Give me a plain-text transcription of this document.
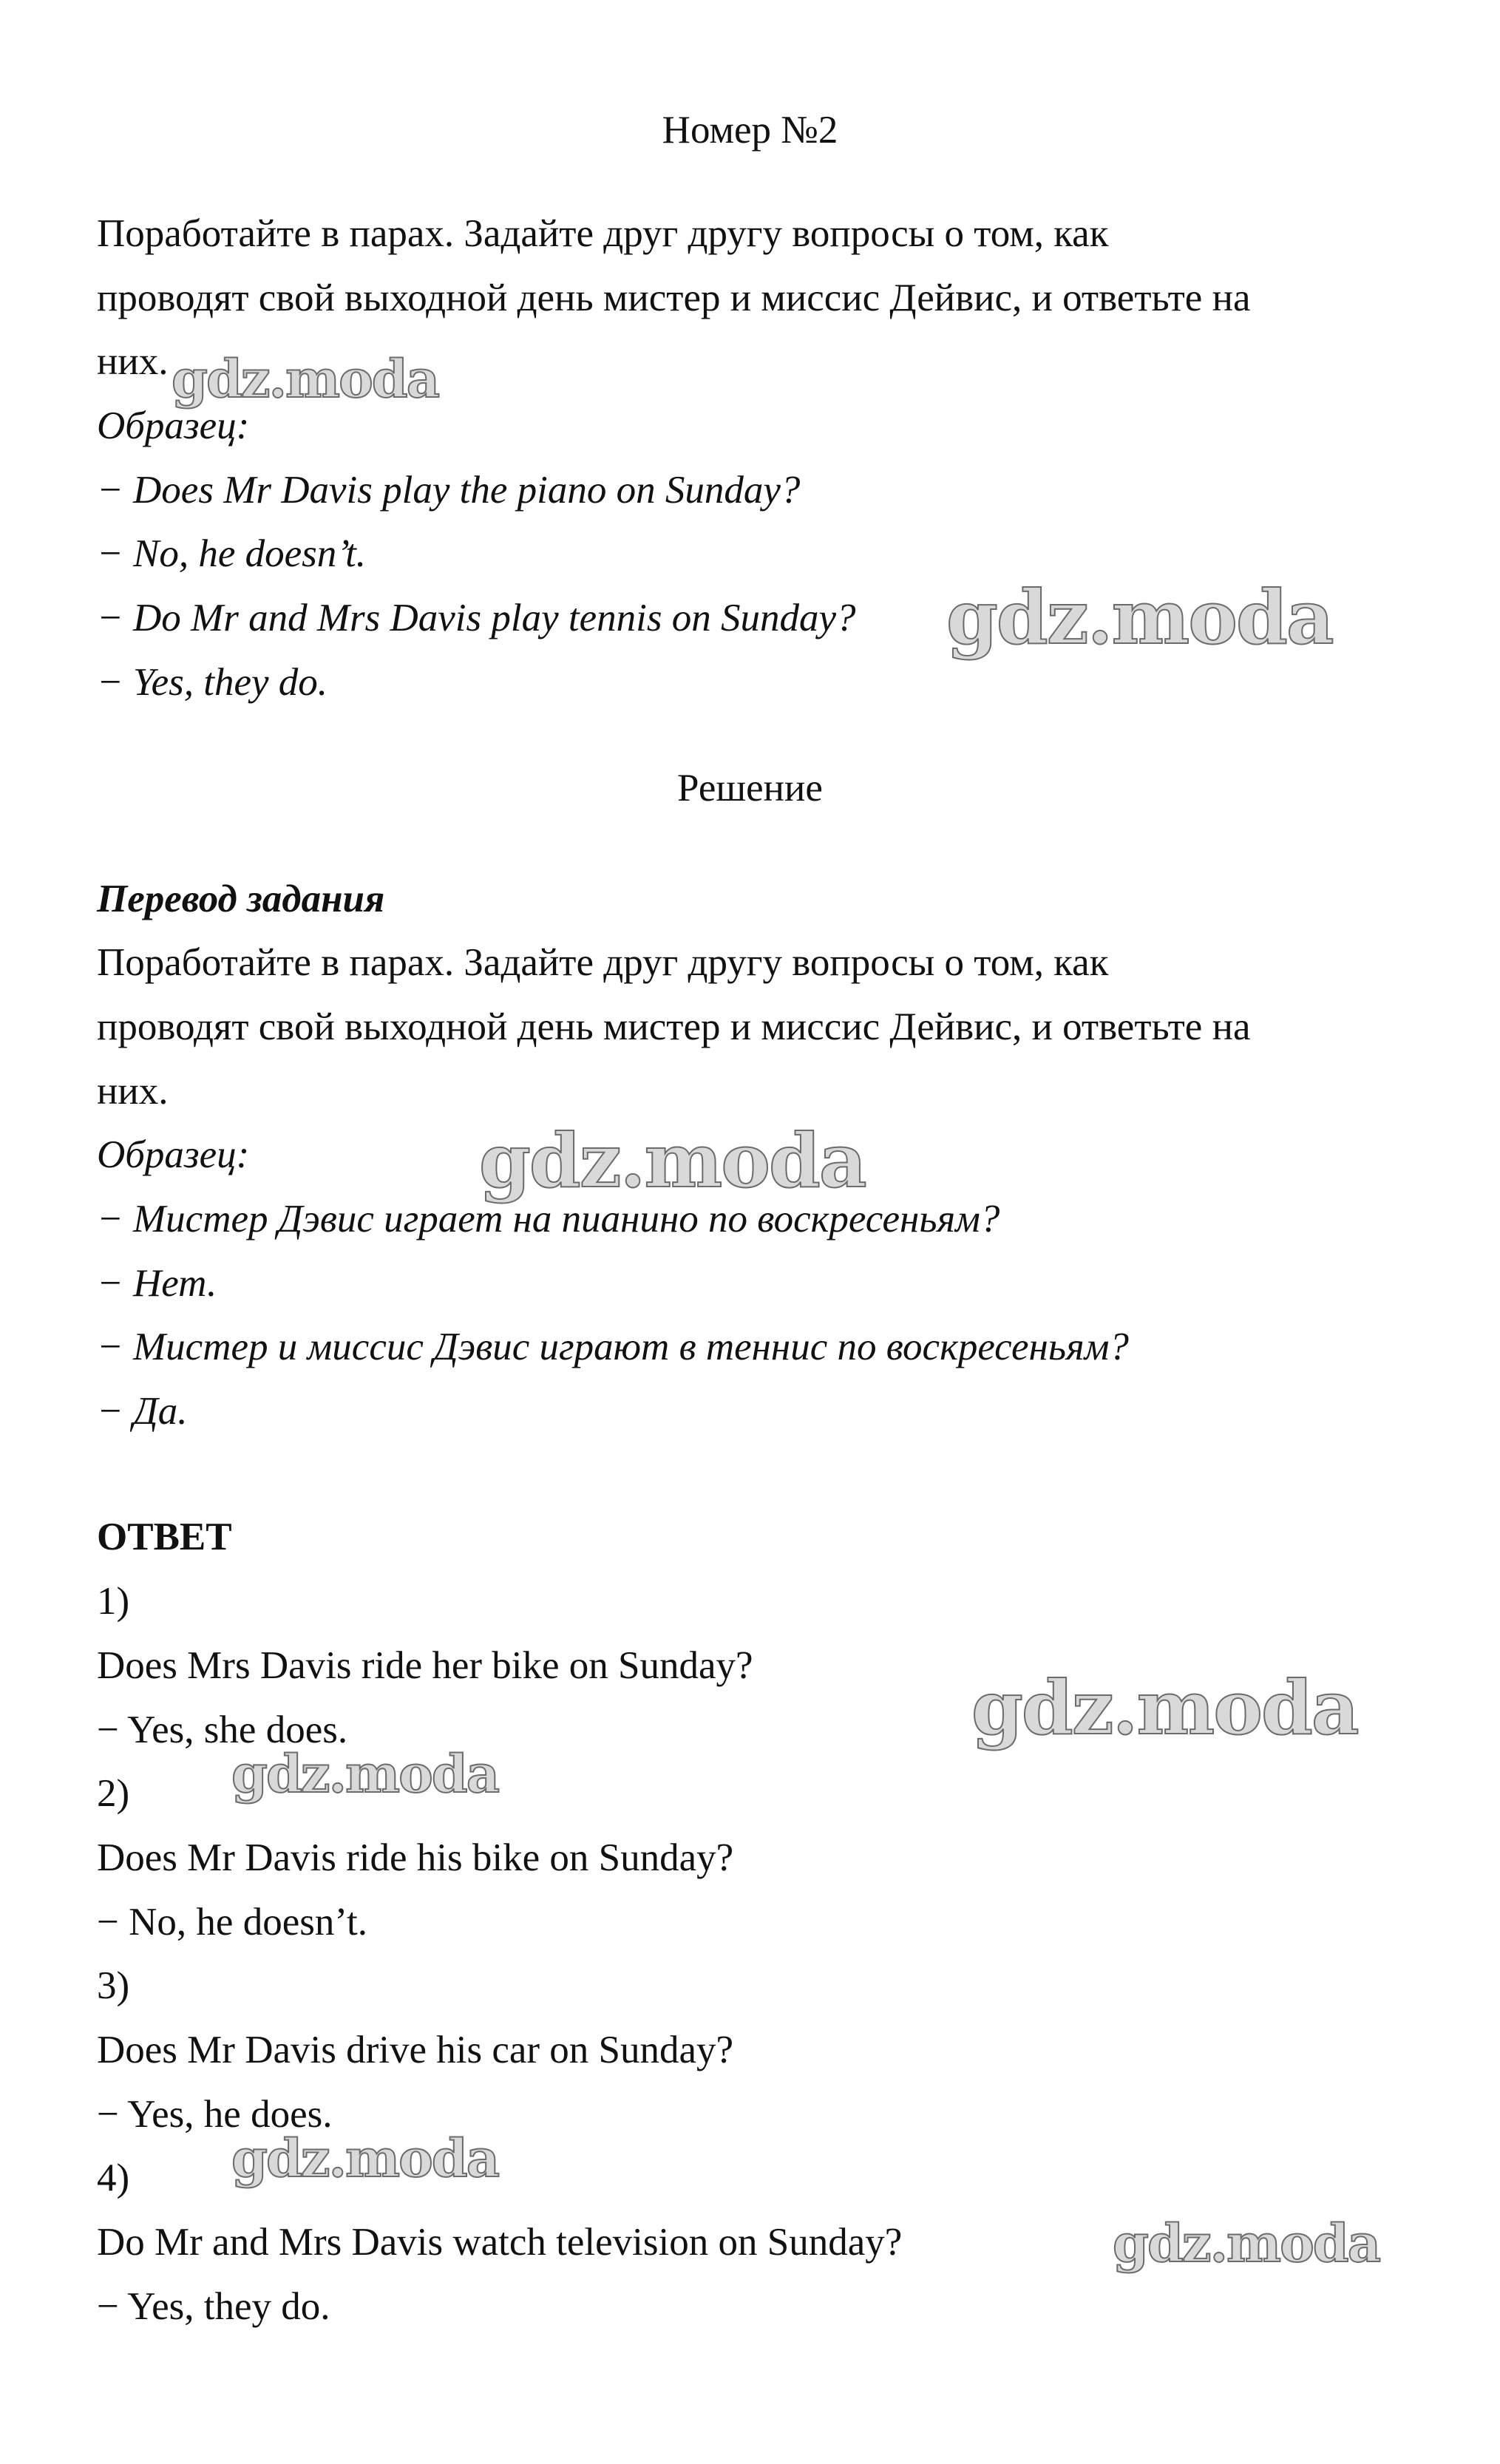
Номер №2
Поработайте в парах. Задайте друг другу вопросы о том, как
проводят свой выходной день мистер и миссис Дейвис, и ответьте на
них.
Образец:
− Does Mr Davis play the piano on Sunday?
− No, he doesn’t.
− Do Mr and Mrs Davis play tennis on Sunday?
− Yes, they do.
Решение
Перевод задания
Поработайте в парах. Задайте друг другу вопросы о том, как
проводят свой выходной день мистер и миссис Дейвис, и ответьте на
них.
Образец:
− Мистер Дэвис играет на пианино по воскресеньям?
− Нет.
− Мистер и миссис Дэвис играют в теннис по воскресеньям?
− Да.
ОТВЕТ
1)
Does Mrs Davis ride her bike on Sunday?
− Yes, she does.
2)
Does Mr Davis ride his bike on Sunday?
− No, he doesn’t.
3)
Does Mr Davis drive his car on Sunday?
− Yes, he does.
4)
Do Mr and Mrs Davis watch television on Sunday?
− Yes, they do.
gdz.moda
gdz.moda
gdz.moda
gdz.moda
gdz.moda
gdz.moda
gdz.moda
